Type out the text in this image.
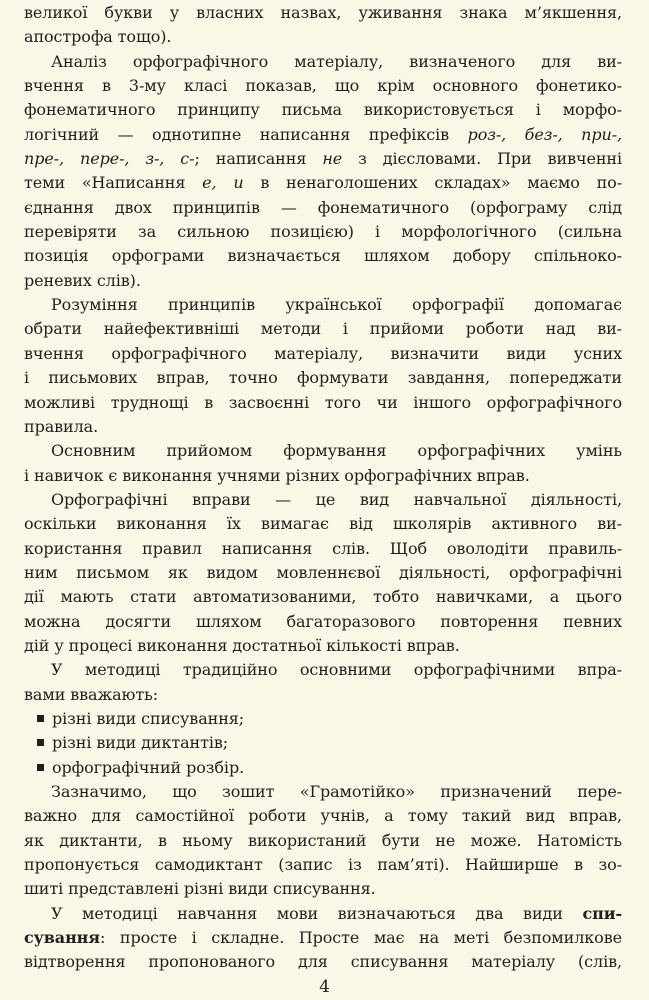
великої букви у власних назвах, уживання знака м’якшення,
апострофа тощо).
Аналіз орфографічного матеріалу, визначеного для ви-
вчення в 3-му класі показав, що крім основного фонетико-
фонематичного принципу письма використовується і морфо-
логічний — однотипне написання префіксів роз-, без-, при-,
пре-, пере-, з-, с-; написання не з дієсловами. При вивченні
теми «Написання е, и в ненаголошених складах» маємо по-
єднання двох принципів — фонематичного (орфограму слід
перевіряти за сильною позицією) і морфологічного (сильна
позиція орфограми визначається шляхом добору спільноко-
реневих слів).
Розуміння принципів української орфографії допомагає
обрати найефективніші методи і прийоми роботи над ви-
вчення орфографічного матеріалу, визначити види усних
і письмових вправ, точно формувати завдання, попереджати
можливі труднощі в засвоєнні того чи іншого орфографічного
правила.
Основним прийомом формування орфографічних умінь
і навичок є виконання учнями різних орфографічних вправ.
Орфографічні вправи — це вид навчальної діяльності,
оскільки виконання їх вимагає від школярів активного ви-
користання правил написання слів. Щоб оволодіти правиль-
ним письмом як видом мовленнєвої діяльності, орфографічні
дії мають стати автоматизованими, тобто навичками, а цього
можна досягти шляхом багаторазового повторення певних
дій у процесі виконання достатньої кількості вправ.
У методиці традиційно основними орфографічними впра-
вами вважають:
різні види списування;
різні види диктантів;
орфографічний розбір.
Зазначимо, що зошит «Грамотійко» призначений пере-
важно для самостійної роботи учнів, а тому такий вид вправ,
як диктанти, в ньому використаний бути не може. Натомість
пропонується самодиктант (запис із пам’яті). Найширше в зо-
шиті представлені різні види списування.
У методиці навчання мови визначаються два види спи-
сування: просте і складне. Просте має на меті безпомилкове
відтворення пропонованого для списування матеріалу (слів,
4
